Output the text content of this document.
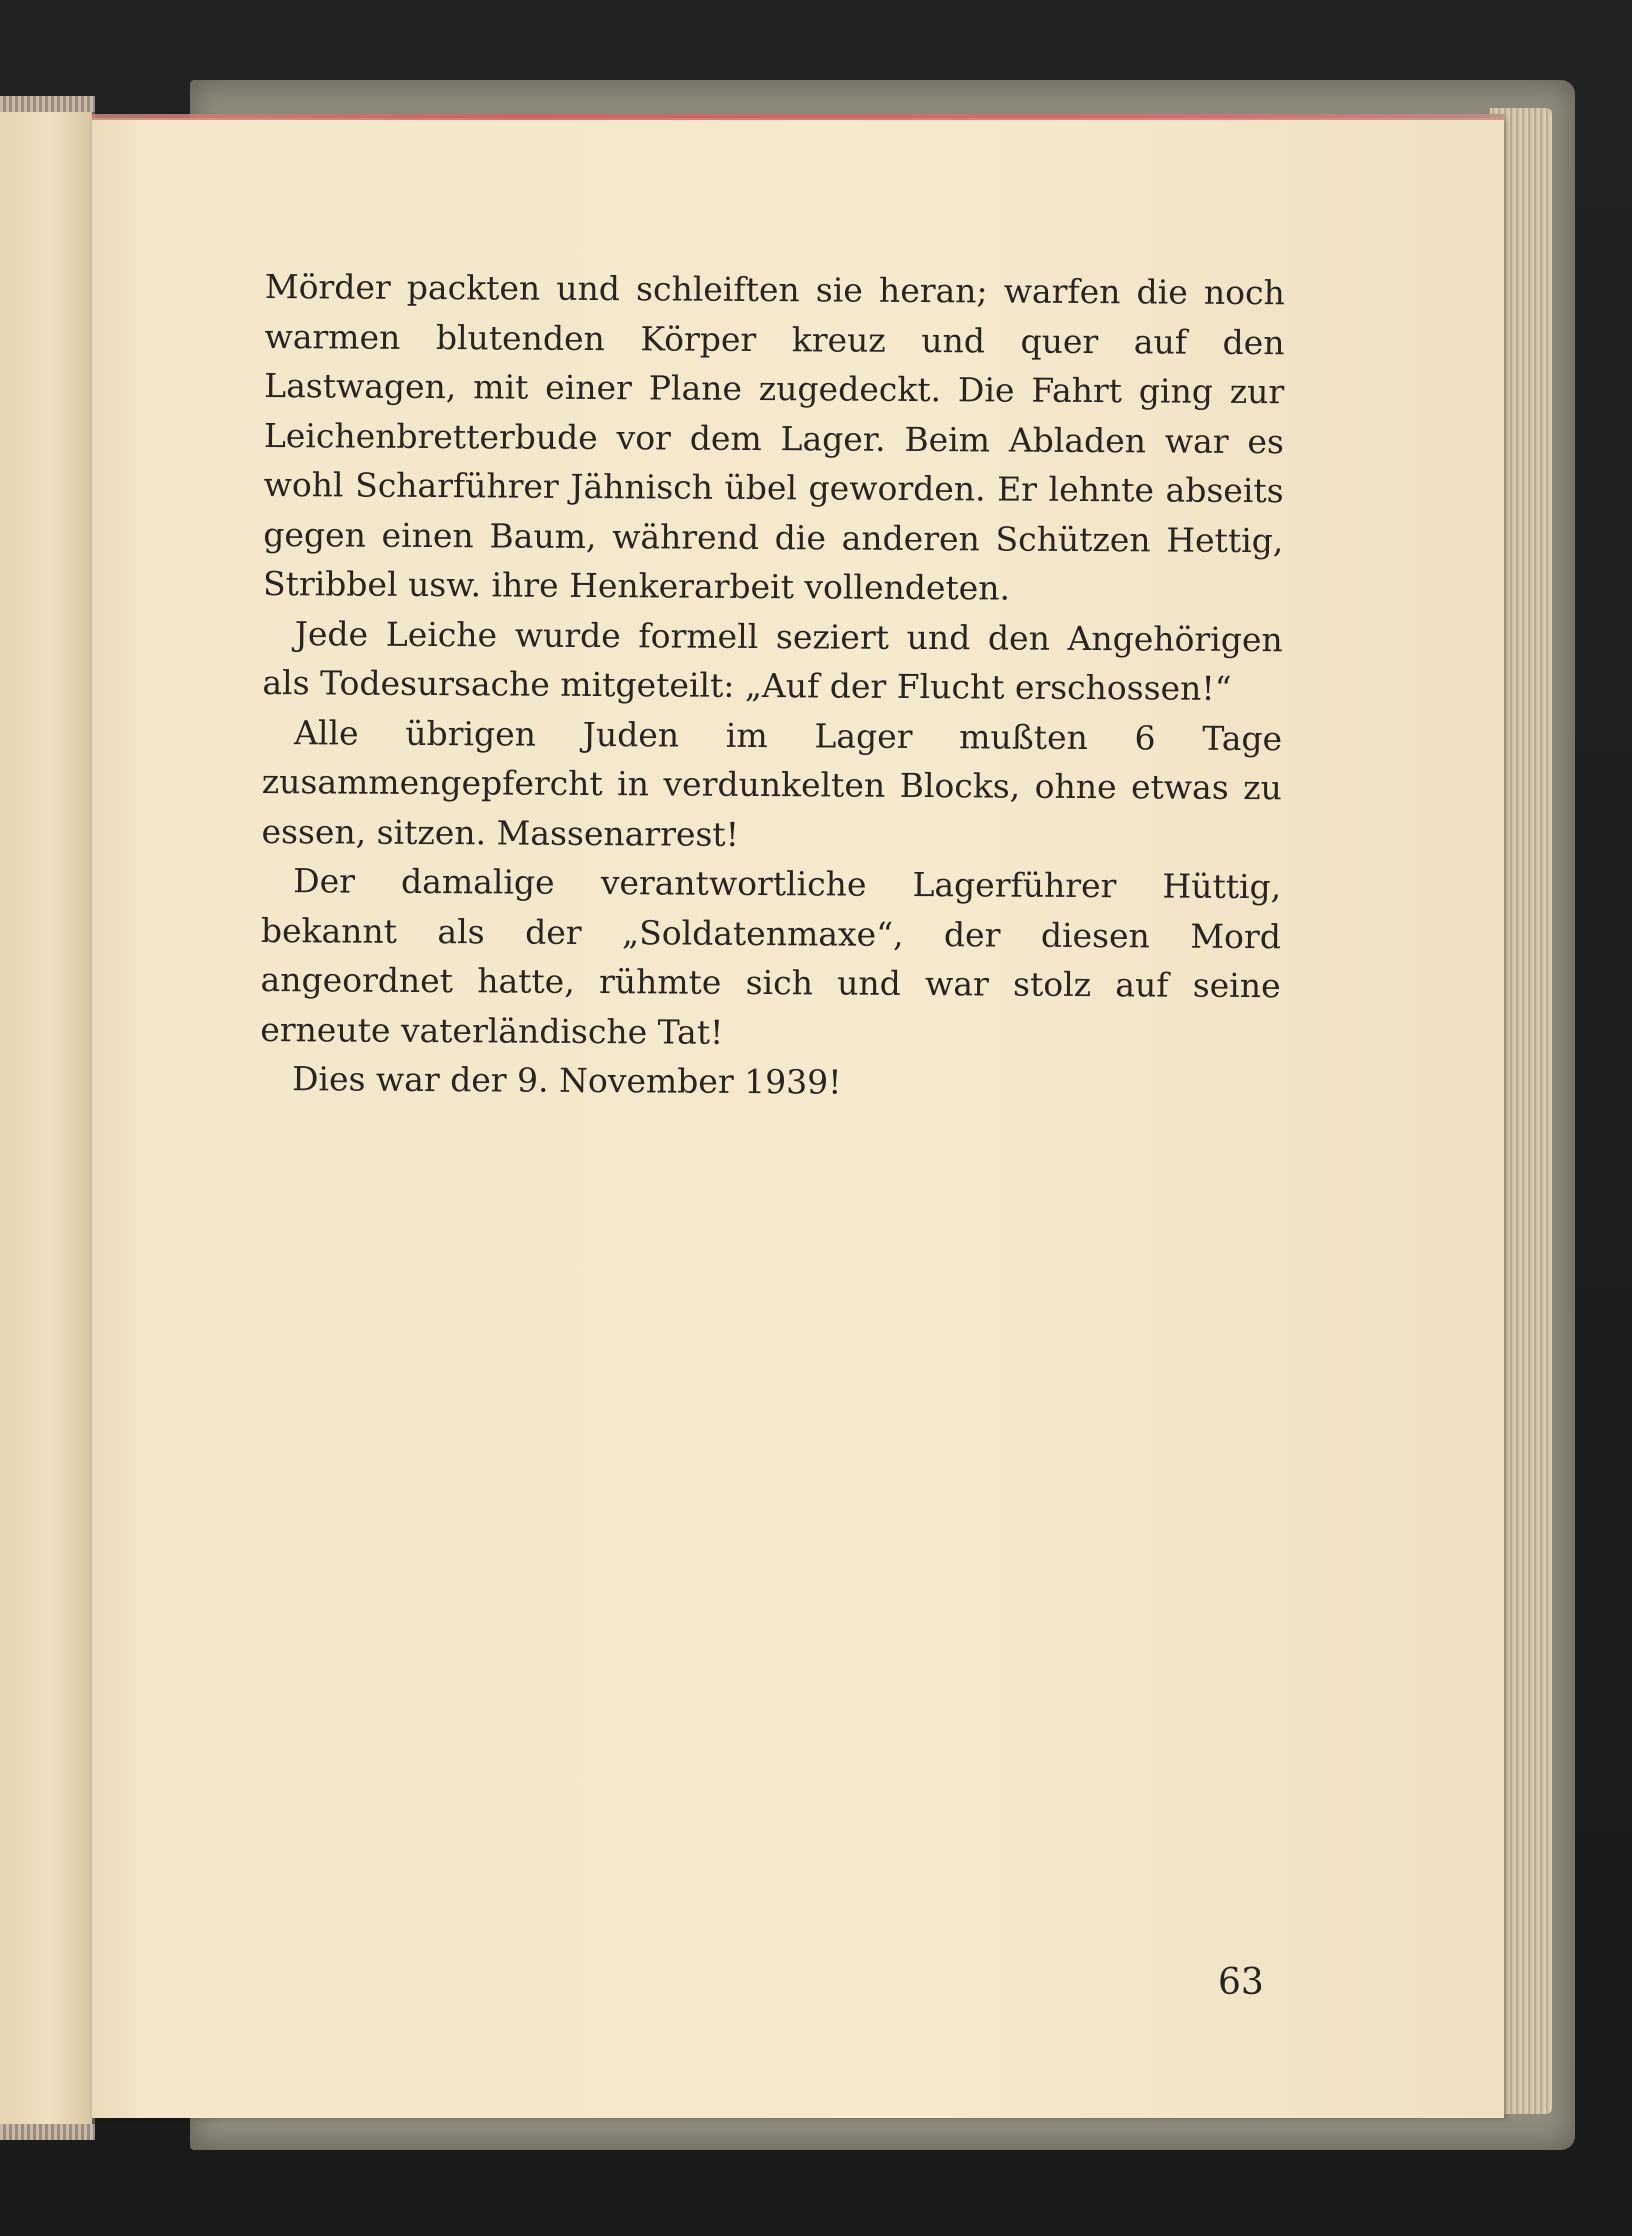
Mörder packten und schleiften sie heran; warfen die noch warmen blutenden Körper kreuz und quer auf den Lastwagen, mit einer Plane zugedeckt. Die Fahrt ging zur Leichenbretterbude vor dem Lager. Beim Abladen war es wohl Scharführer Jähnisch übel geworden. Er lehnte abseits gegen einen Baum, während die anderen Schützen Hettig, Stribbel usw. ihre Henkerarbeit vollendeten.

Jede Leiche wurde formell seziert und den Angehörigen als Todesursache mitgeteilt: „Auf der Flucht erschossen!“

Alle übrigen Juden im Lager mußten 6 Tage zusammengepfercht in verdunkelten Blocks, ohne etwas zu essen, sitzen. Massenarrest!

Der damalige verantwortliche Lagerführer Hüttig, bekannt als der „Soldatenmaxe“, der diesen Mord angeordnet hatte, rühmte sich und war stolz auf seine erneute vaterländische Tat!

Dies war der 9. November 1939!

63
